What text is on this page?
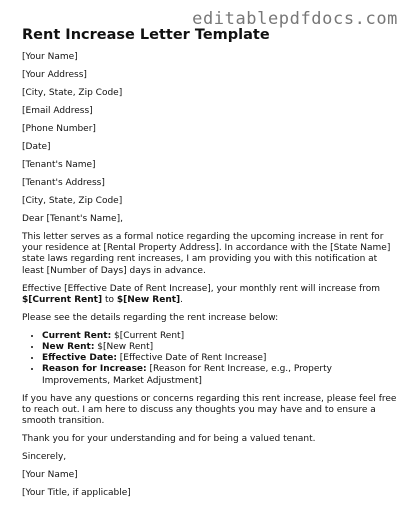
editablepdfdocs.com
Rent Increase Letter Template

[Your Name]

[Your Address]

[City, State, Zip Code]

[Email Address]

[Phone Number]

[Date]

[Tenant's Name]

[Tenant's Address]

[City, State, Zip Code]

Dear [Tenant's Name],

This letter serves as a formal notice regarding the upcoming increase in rent for your residence at [Rental Property Address]. In accordance with the [State Name] state laws regarding rent increases, I am providing you with this notification at least [Number of Days] days in advance.

Effective [Effective Date of Rent Increase], your monthly rent will increase from $[Current Rent] to $[New Rent].

Please see the details regarding the rent increase below:

• Current Rent: $[Current Rent]
• New Rent: $[New Rent]
• Effective Date: [Effective Date of Rent Increase]
• Reason for Increase: [Reason for Rent Increase, e.g., Property Improvements, Market Adjustment]

If you have any questions or concerns regarding this rent increase, please feel free to reach out. I am here to discuss any thoughts you may have and to ensure a smooth transition.

Thank you for your understanding and for being a valued tenant.

Sincerely,

[Your Name]

[Your Title, if applicable]
